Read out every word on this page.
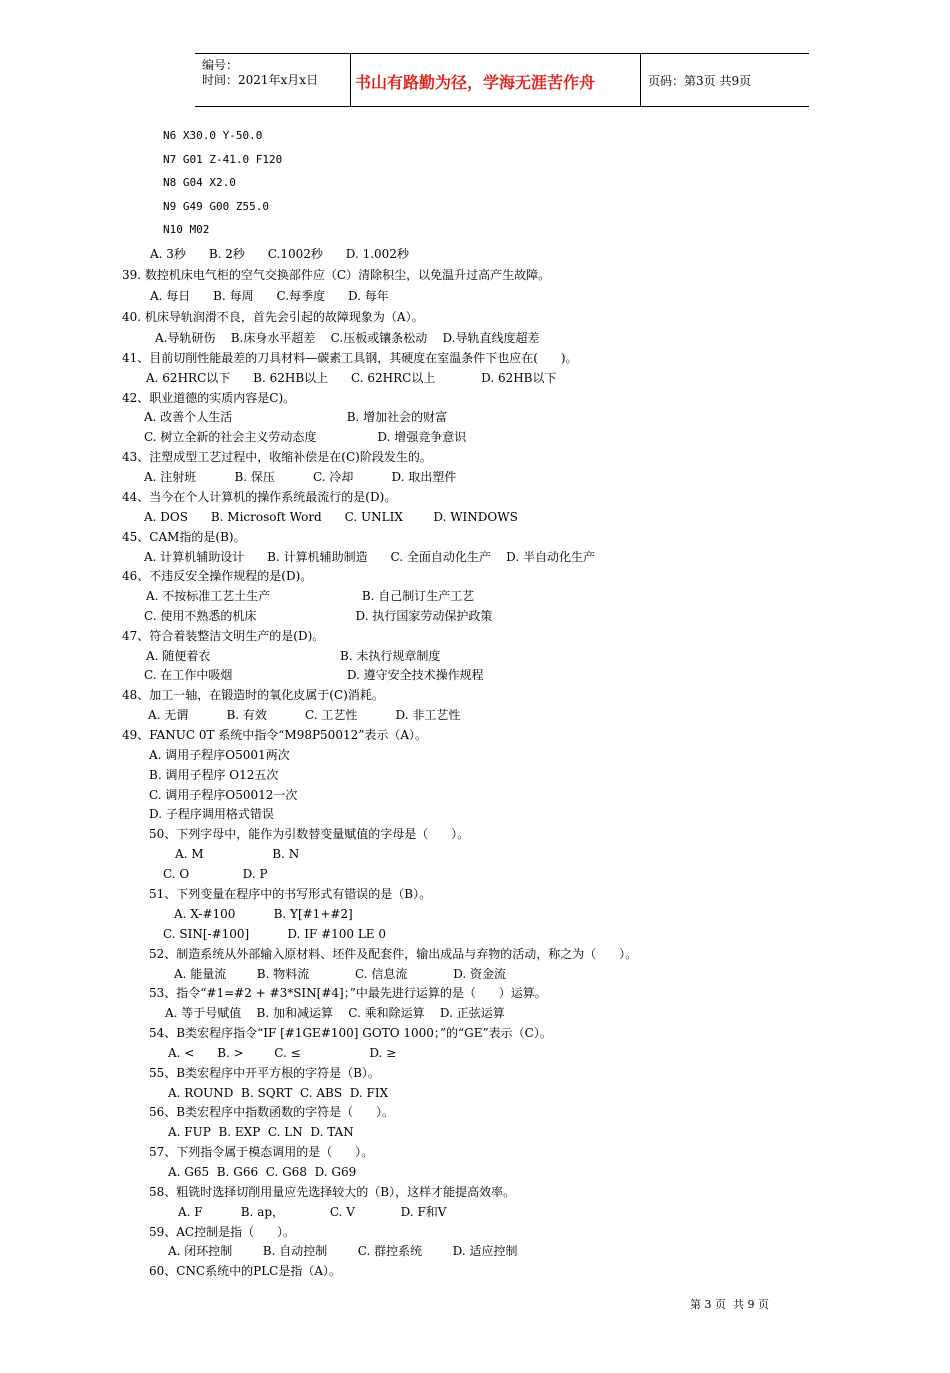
编号：
时间：2021年x月x日 书山有路勤为径，学海无涯苦作舟	页码：第3页 共9页
N6 X30.0 Y-50.0
N7 G01 Z-41.0 F120
N8 G04 X2.0
N9 G49 G00 Z55.0
N10 M02
A. 3秒      B. 2秒      C.1002秒      D. 1.002秒
39. 数控机床电气柜的空气交换部件应（C）清除积尘，以免温升过高产生故障。
A. 每日      B. 每周      C.每季度      D. 每年
40. 机床导轨润滑不良，首先会引起的故障现象为（A）。
A.导轨研伤    B.床身水平超差    C.压板或镶条松动    D.导轨直线度超差
41、目前切削性能最差的刀具材料—碳素工具钢，其硬度在室温条件下也应在(      )。
A. 62HRC以下      B. 62HB以上      C. 62HRC以上            D. 62HB以下
42、职业道德的实质内容是C)。
A. 改善个人生活                              B. 增加社会的财富
C. 树立全新的社会主义劳动态度                D. 增强竞争意识
43、注塑成型工艺过程中，收缩补偿是在(C)阶段发生的。
A. 注射班          B. 保压          C. 冷却          D. 取出塑件
44、当今在个人计算机的操作系统最流行的是(D)。
A. DOS      B. Microsoft Word      C. UNLIX        D. WINDOWS
45、CAM指的是(B)。
A. 计算机辅助设计      B. 计算机辅助制造      C. 全面自动化生产    D. 半自动化生产
46、不违反安全操作规程的是(D)。
A. 不按标准工艺土生产                        B. 自己制订生产工艺
C. 使用不熟悉的机床                          D. 执行国家劳动保护政策
47、符合着装整洁文明生产的是(D)。
A. 随便着衣                                  B. 未执行规章制度
C. 在工作中吸烟                              D. 遵守安全技术操作规程
48、加工一轴，在锻造时的氧化皮属于(C)消耗。
A. 无谓          B. 有效          C. 工艺性          D. 非工艺性
49、FANUC 0T 系统中指令“M98P50012”表示（A）。
A. 调用子程序O5001两次
B. 调用子程序 O12五次
C. 调用子程序O50012一次
D. 子程序调用格式错误
50、下列字母中，能作为引数替变量赋值的字母是（      ）。
A. M                  B. N
C. O              D. P
51、下列变量在程序中的书写形式有错误的是（B）。
A. X-#100          B. Y[#1+#2]
C. SIN[-#100]          D. IF #100 LE 0
52、制造系统从外部输入原材料、坯件及配套件，输出成品与弃物的活动，称之为（      ）。
A. 能量流        B. 物料流            C. 信息流            D. 资金流
53、指令“#1=#2 + #3*SIN[#4]；”中最先进行运算的是（      ）运算。
A. 等于号赋值    B. 加和减运算    C. 乘和除运算    D. 正弦运算
54、B类宏程序指令“IF [#1GE#100] GOTO 1000；”的“GE”表示（C）。
A. <      B. >        C. ≤                  D. ≥
55、B类宏程序中开平方根的字符是（B）。
A. ROUND  B. SQRT  C. ABS  D. FIX
56、B类宏程序中指数函数的字符是（      ）。
A. FUP  B. EXP  C. LN  D. TAN
57、下列指令属于模态调用的是（      ）。
A. G65  B. G66  C. G68  D. G69
58、粗铣时选择切削用量应先选择较大的（B），这样才能提高效率。
A. F          B. ap，            C. V            D. F和V
59、AC控制是指（      ）。
A. 闭环控制        B. 自动控制        C. 群控系统        D. 适应控制
60、CNC系统中的PLC是指（A）。
第 3 页  共 9 页
